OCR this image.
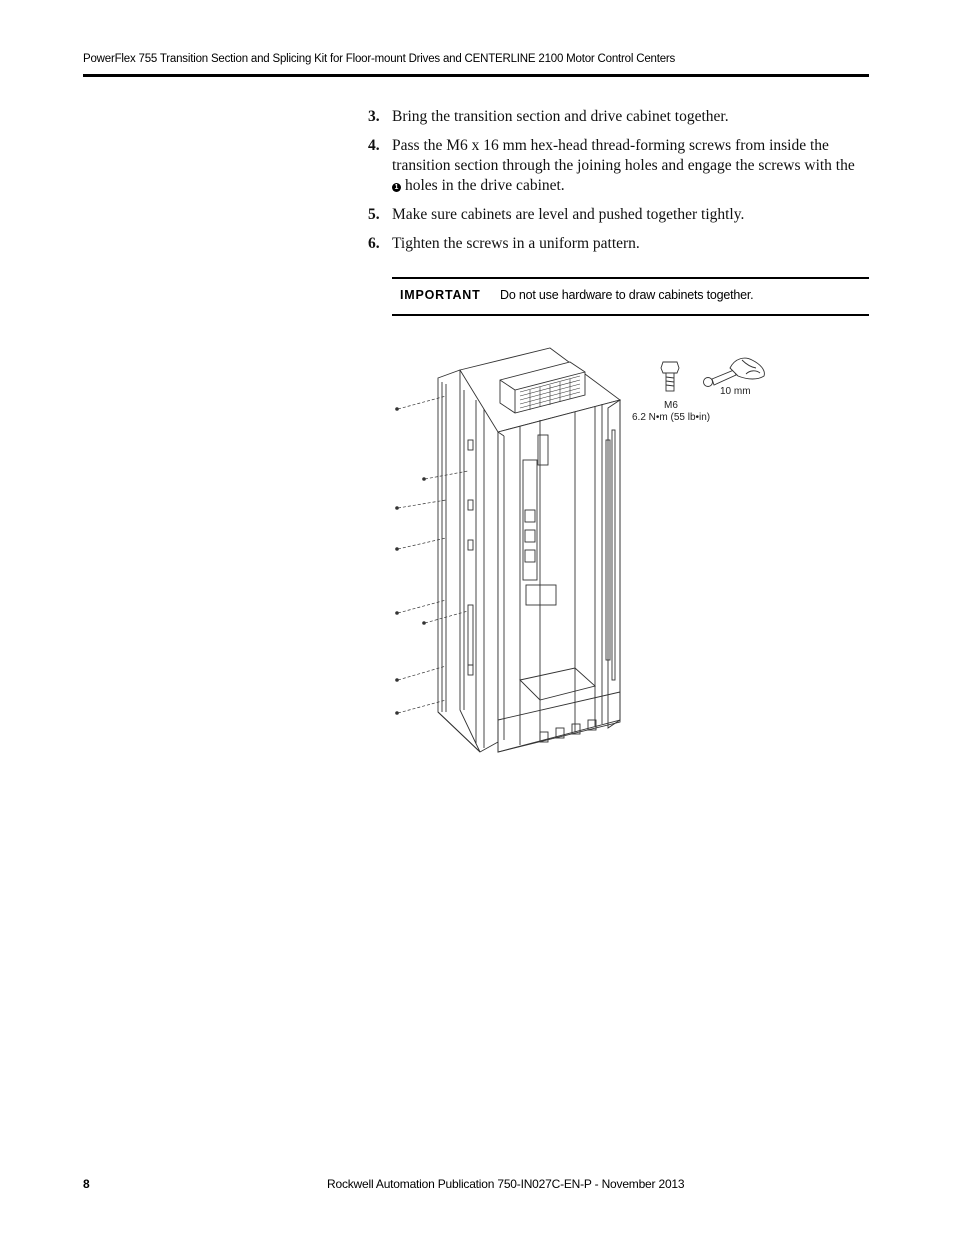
PowerFlex 755 Transition Section and Splicing Kit for Floor-mount Drives and CENTERLINE 2100 Motor Control Centers
3. Bring the transition section and drive cabinet together.
4. Pass the M6 x 16 mm hex-head thread-forming screws from inside the transition section through the joining holes and engage the screws with the
1 holes in the drive cabinet.
5. Make sure cabinets are level and pushed together tightly.
6. Tighten the screws in a uniform pattern.
IMPORTANT Do not use hardware to draw cabinets together.
M6
6.2 N•m (55 lb•in)
10 mm
8	Rockwell Automation Publication 750-IN027C-EN-P - November 2013
